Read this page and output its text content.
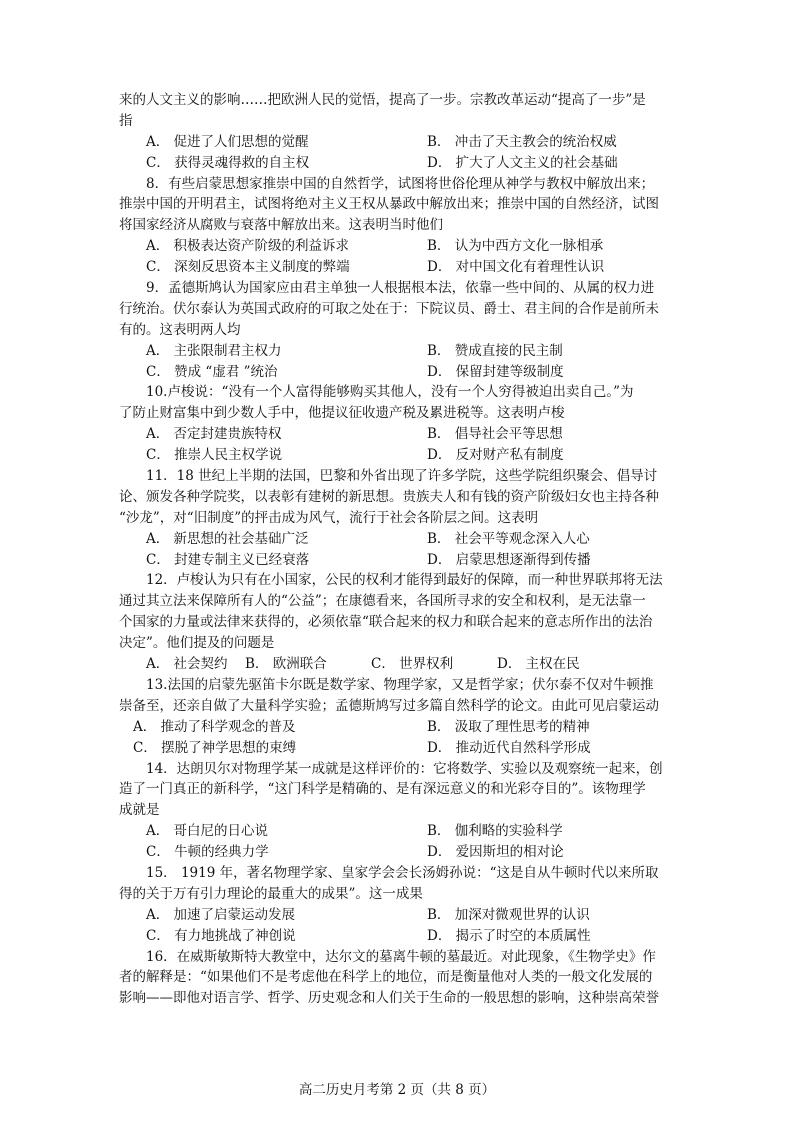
来的人文主义的影响……把欧洲人民的觉悟，提高了一步。宗教改革运动“提高了一步”是
指
A． 促进了人们思想的觉醒	B． 冲击了天主教会的统治权威
C． 获得灵魂得救的自主权	D． 扩大了人文主义的社会基础
8．有些启蒙思想家推崇中国的自然哲学，试图将世俗伦理从神学与教权中解放出来；
推崇中国的开明君主，试图将绝对主义王权从暴政中解放出来；推崇中国的自然经济，试图
将国家经济从腐败与衰落中解放出来。这表明当时他们
A． 积极表达资产阶级的利益诉求	B． 认为中西方文化一脉相承
C． 深刻反思资本主义制度的弊端	D． 对中国文化有着理性认识
9．孟德斯鸠认为国家应由君主单独一人根据根本法，依靠一些中间的、从属的权力进
行统治。伏尔泰认为英国式政府的可取之处在于：下院议员、爵士、君主间的合作是前所未
有的。这表明两人均
A． 主张限制君主权力	B． 赞成直接的民主制
C． 赞成 “虚君 ”统治	D． 保留封建等级制度
10.卢梭说：“没有一个人富得能够购买其他人，没有一个人穷得被迫出卖自己。”为
了防止财富集中到少数人手中，他提议征收遗产税及累进税等。这表明卢梭
A． 否定封建贵族特权	B． 倡导社会平等思想
C． 推崇人民主权学说	D． 反对财产私有制度
11．18 世纪上半期的法国，巴黎和外省出现了许多学院，这些学院组织聚会、倡导讨
论、颁发各种学院奖，以表彰有建树的新思想。贵族夫人和有钱的资产阶级妇女也主持各种
“沙龙”，对“旧制度”的抨击成为风气，流行于社会各阶层之间。这表明
A． 新思想的社会基础广泛	B． 社会平等观念深入人心
C． 封建专制主义已经衰落	D． 启蒙思想逐渐得到传播
12．卢梭认为只有在小国家，公民的权利才能得到最好的保障，而一种世界联邦将无法
通过其立法来保障所有人的“公益”；在康德看来，各国所寻求的安全和权利，是无法靠一
个国家的力量或法律来获得的，必须依靠“联合起来的权力和联合起来的意志所作出的法治
决定”。他们提及的问题是
A． 社会契约	B． 欧洲联合	C． 世界权利	D． 主权在民
13.法国的启蒙先驱笛卡尔既是数学家、物理学家，又是哲学家；伏尔泰不仅对牛顿推
崇备至，还亲自做了大量科学实验；孟德斯鸠写过多篇自然科学的论文。由此可见启蒙运动
A． 推动了科学观念的普及	B． 汲取了理性思考的精神
C． 摆脱了神学思想的束缚	D． 推动近代自然科学形成
14．达朗贝尔对物理学某一成就是这样评价的：它将数学、实验以及观察统一起来，创
造了一门真正的新科学，“这门科学是精确的、是有深远意义的和光彩夺目的”。该物理学
成就是
A． 哥白尼的日心说	B． 伽利略的实验科学
C． 牛顿的经典力学	D． 爱因斯坦的相对论
15． 1919 年，著名物理学家、皇家学会会长汤姆孙说：“这是自从牛顿时代以来所取
得的关于万有引力理论的最重大的成果”。这一成果
A． 加速了启蒙运动发展	B． 加深对微观世界的认识
C． 有力地挑战了神创说	D． 揭示了时空的本质属性
16．在威斯敏斯特大教堂中，达尔文的墓离牛顿的墓最近。对此现象，《生物学史》作
者的解释是：“如果他们不是考虑他在科学上的地位，而是衡量他对人类的一般文化发展的
影响——即他对语言学、哲学、历史观念和人们关于生命的一般思想的影响，这种崇高荣誉
高二历史月考第 2 页（共 8 页）
